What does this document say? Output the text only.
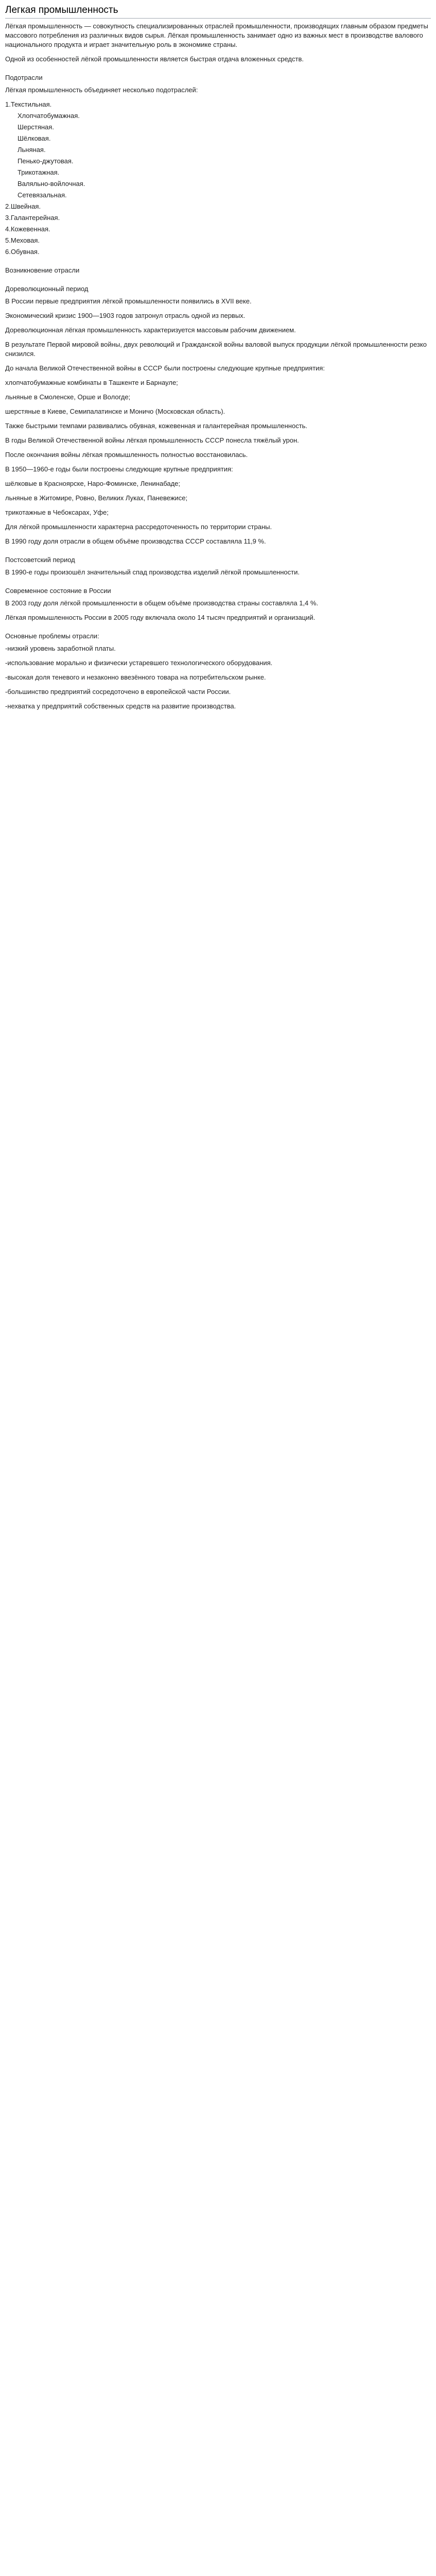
Легкая промышленность

Лёгкая промышленность — совокупность специализированных отраслей промышленности, производящих главным образом предметы массового потребления из различных видов сырья. Лёгкая промышленность занимает одно из важных мест в производстве валового национального продукта и играет значительную роль в экономике страны.

Одной из особенностей лёгкой промышленности является быстрая отдача вложенных средств.

Подотрасли

Лёгкая промышленность объединяет несколько подотраслей:

1.Текстильная.
Хлопчатобумажная.
Шерстяная.
Шёлковая.
Льняная.
Пенько-джутовая.
Трикотажная.
Валяльно-войлочная.
Сетевязальная.
2.Швейная.
3.Галантерейная.
4.Кожевенная.
5.Меховая.
6.Обувная.

Возникновение отрасли

Дореволюционный период

В России первые предприятия лёгкой промышленности появились в XVII веке.

Экономический кризис 1900—1903 годов затронул отрасль одной из первых.

Дореволюционная лёгкая промышленность характеризуется массовым рабочим движением.

В результате Первой мировой войны, двух революций и Гражданской войны валовой выпуск продукции лёгкой промышленности резко снизился.

До начала Великой Отечественной войны в СССР были построены следующие крупные предприятия:

хлопчатобумажные комбинаты в Ташкенте и Барнауле;

льняные в Смоленске, Орше и Вологде;

шерстяные в Киеве, Семипалатинске и Моничо (Московская область).

Также быстрыми темпами развивались обувная, кожевенная и галантерейная промышленность.

В годы Великой Отечественной войны лёгкая промышленность СССР понесла тяжёлый урон.

После окончания войны лёгкая промышленность полностью восстановилась.

В 1950—1960-е годы были построены следующие крупные предприятия:

шёлковые в Красноярске, Наро-Фоминске, Ленинабаде;

льняные в Житомире, Ровно, Великих Луках, Паневежисе;

трикотажные в Чебоксарах, Уфе;

Для лёгкой промышленности характерна рассредоточенность по территории страны.

В 1990 году доля отрасли в общем объёме производства СССР составляла 11,9 %.

Постсоветский период

В 1990-е годы произошёл значительный спад производства изделий лёгкой промышленности.

Современное состояние в России

В 2003 году доля лёгкой промышленности в общем объёме производства страны составляла 1,4 %.

Лёгкая промышленность России в 2005 году включала около 14 тысяч предприятий и организаций.

Основные проблемы отрасли:

-низкий уровень заработной платы.

-использование морально и физически устаревшего технологического оборудования.

-высокая доля теневого и незаконно ввезённого товара на потребительском рынке.

-большинство предприятий сосредоточено в европейской части России.

-нехватка у предприятий собственных средств на развитие производства.
